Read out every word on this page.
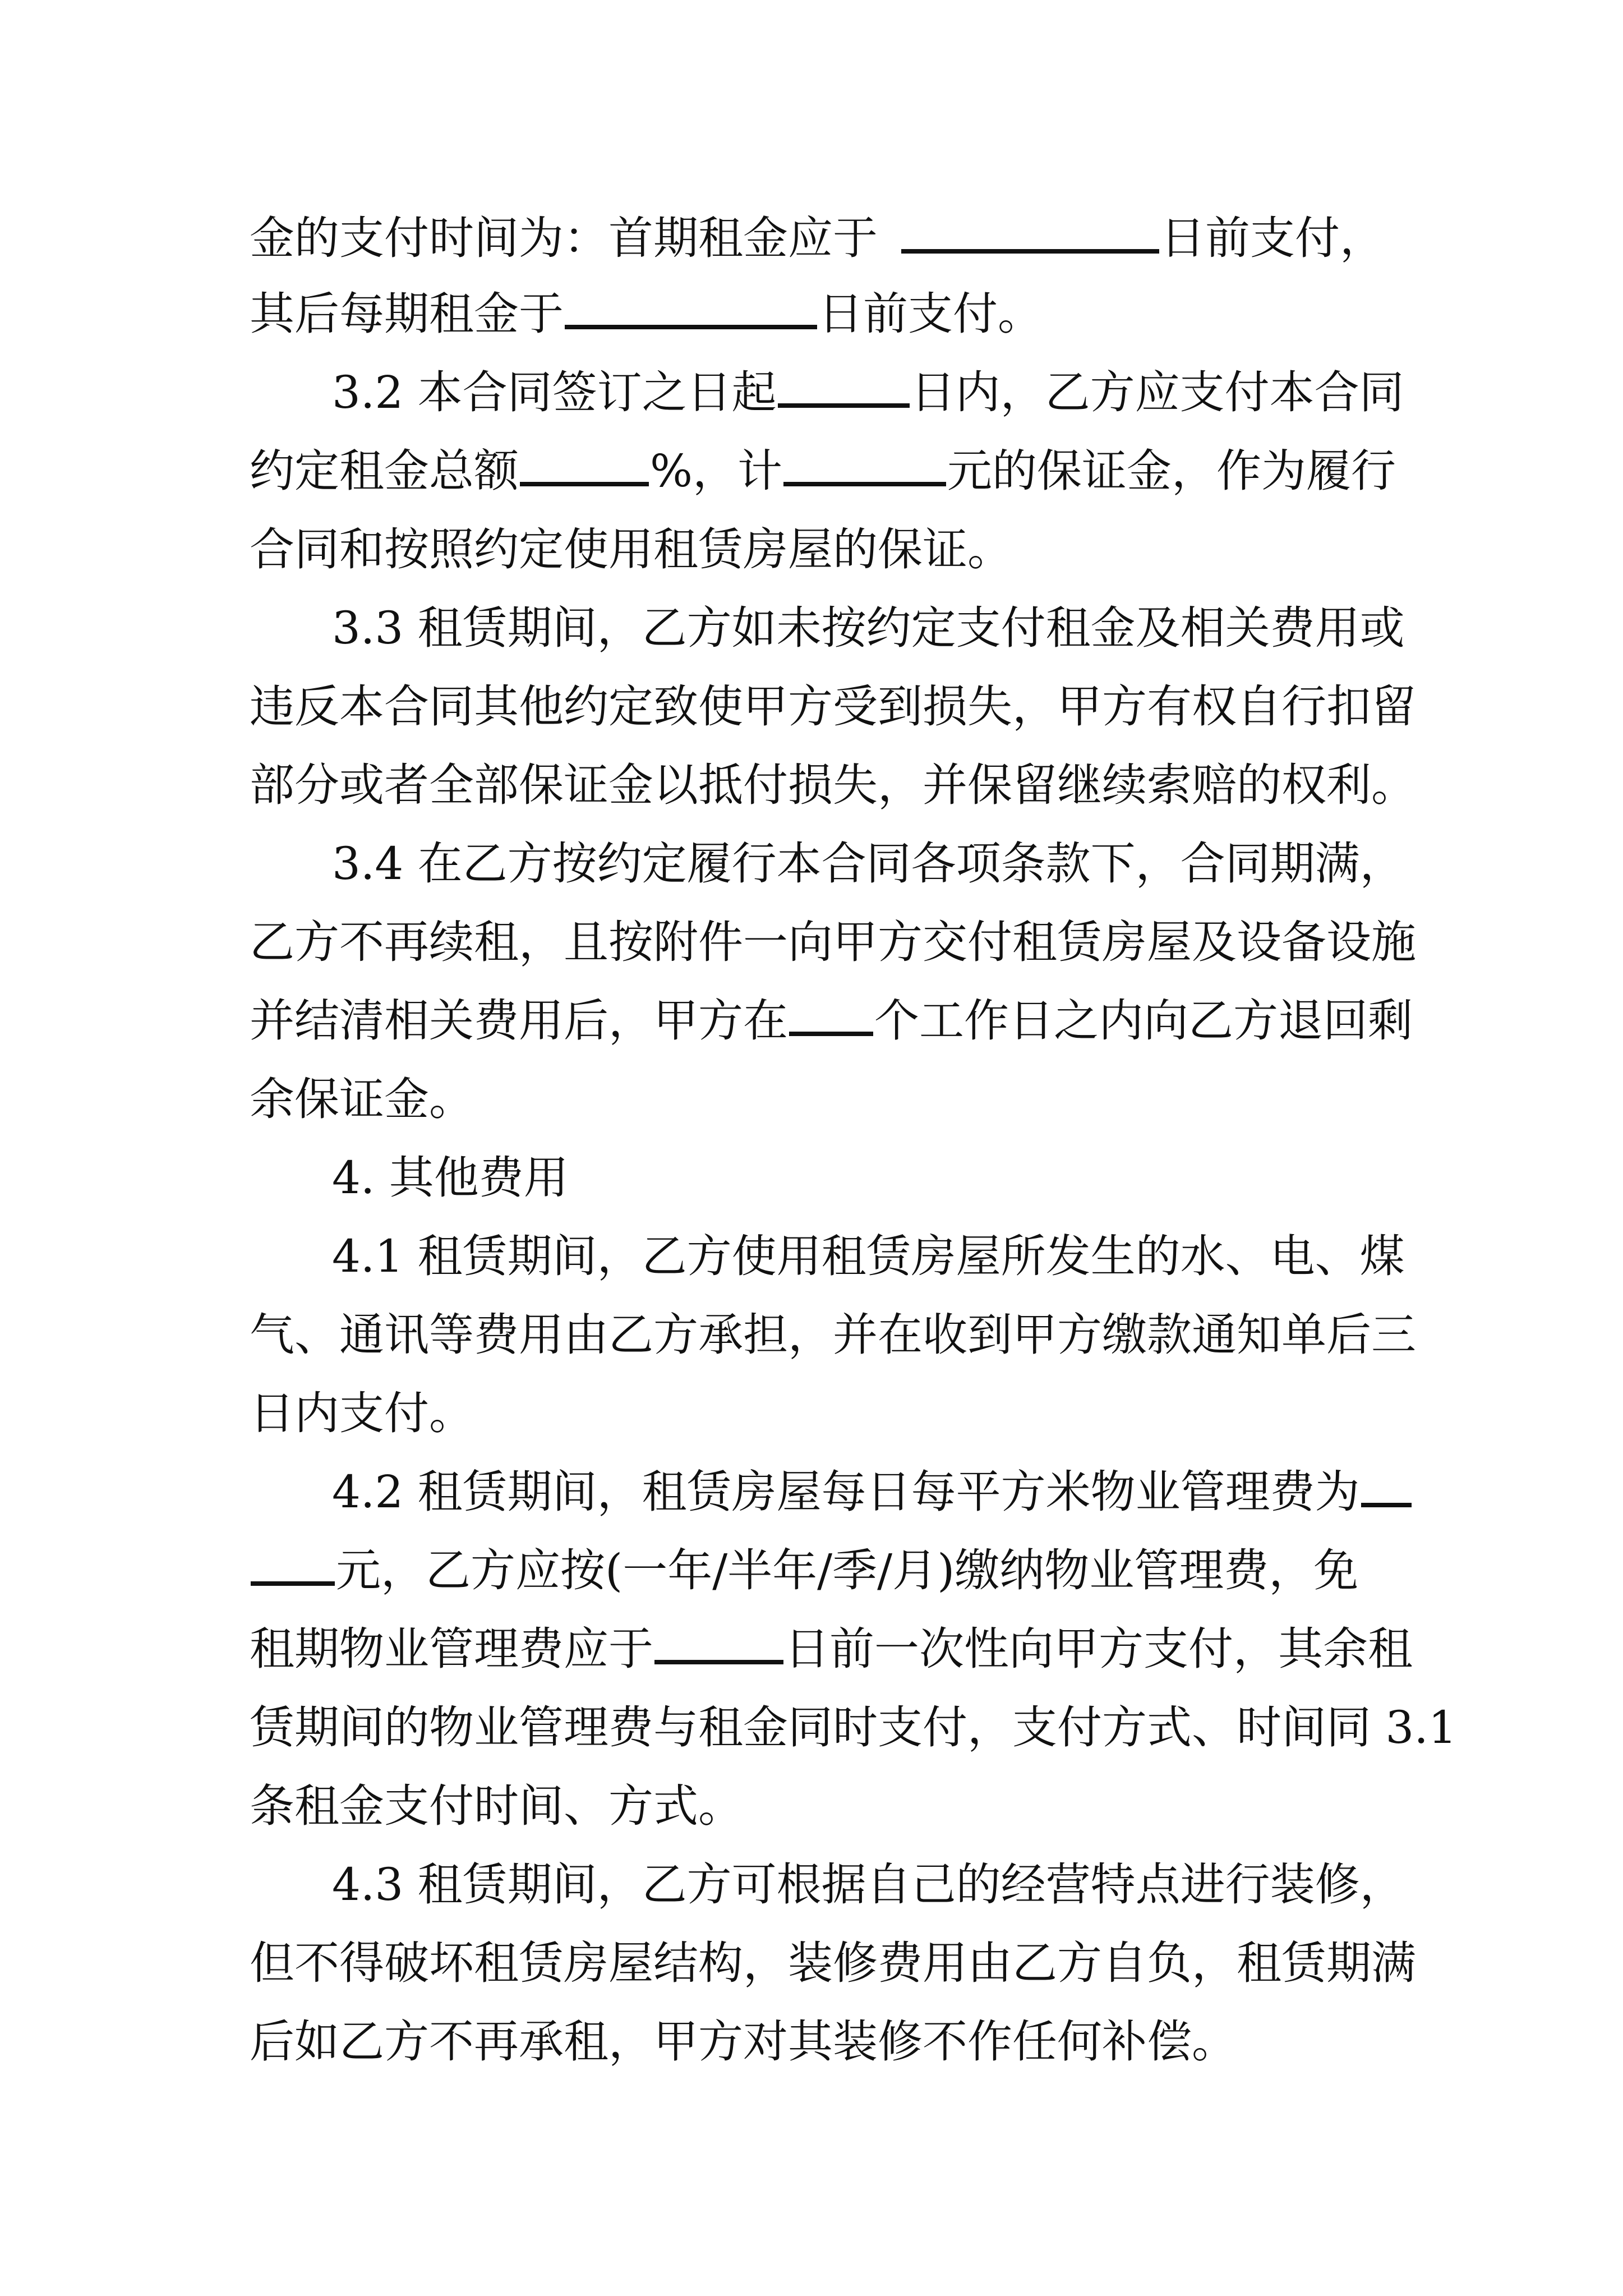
金的支付时间为：首期租金应于	日前支付，
其后每期租金于	日前支付。
3.2 本合同签订之日起	日内，乙方应支付本合同
约定租金总额	%，计	元的保证金，作为履行
合同和按照约定使用租赁房屋的保证。
3.3 租赁期间，乙方如未按约定支付租金及相关费用或
违反本合同其他约定致使甲方受到损失，甲方有权自行扣留
部分或者全部保证金以抵付损失，并保留继续索赔的权利。
3.4 在乙方按约定履行本合同各项条款下，合同期满，
乙方不再续租，且按附件一向甲方交付租赁房屋及设备设施
并结清相关费用后，甲方在 个工作日之内向乙方退回剩
余保证金。
4. 其他费用
4.1 租赁期间，乙方使用租赁房屋所发生的水、电、煤
气、通讯等费用由乙方承担，并在收到甲方缴款通知单后三
日内支付。
4.2 租赁期间，租赁房屋每日每平方米物业管理费为
元，乙方应按(一年/半年/季/月)缴纳物业管理费，免
租期物业管理费应于	日前一次性向甲方支付，其余租
赁期间的物业管理费与租金同时支付，支付方式、时间同 3.1
条租金支付时间、方式。
4.3 租赁期间，乙方可根据自己的经营特点进行装修，
但不得破坏租赁房屋结构，装修费用由乙方自负，租赁期满
后如乙方不再承租，甲方对其装修不作任何补偿。
